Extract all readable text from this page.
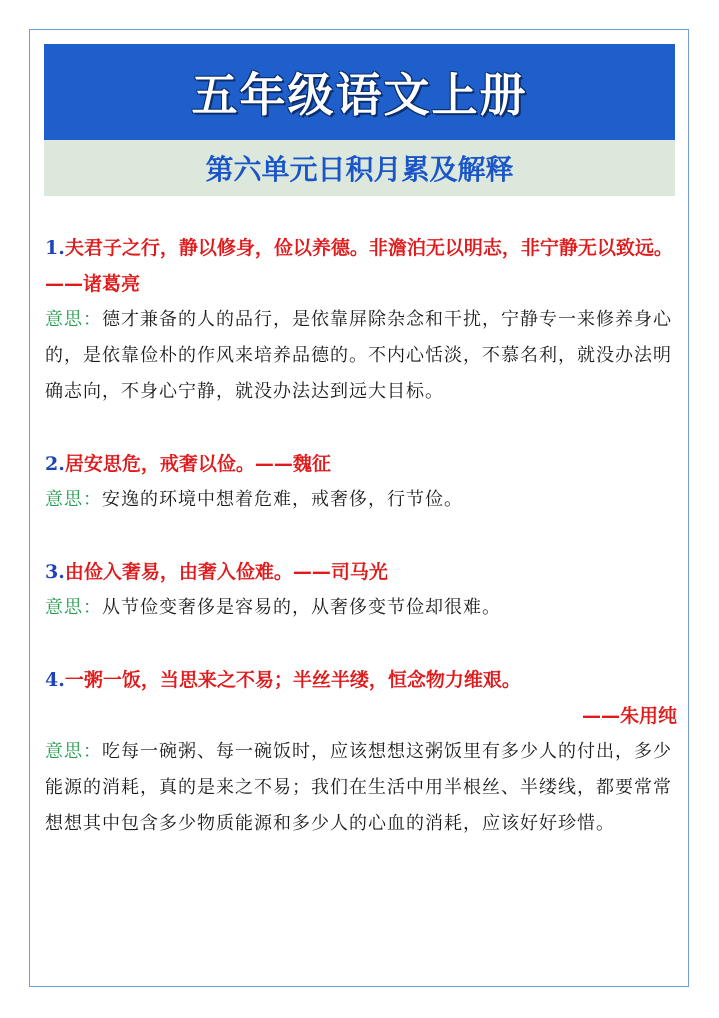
五年级语文上册
第六单元日积月累及解释
1.夫君子之行，静以修身，俭以养德。非澹泊无以明志，非宁静无以致远。——诸葛亮
意思：德才兼备的人的品行，是依靠屏除杂念和干扰，宁静专一来修养身心的，是依靠俭朴的作风来培养品德的。不内心恬淡，不慕名利，就没办法明确志向，不身心宁静，就没办法达到远大目标。
2.居安思危，戒奢以俭。——魏征
意思：安逸的环境中想着危难，戒奢侈，行节俭。
3.由俭入奢易，由奢入俭难。——司马光
意思：从节俭变奢侈是容易的，从奢侈变节俭却很难。
4.一粥一饭，当思来之不易；半丝半缕，恒念物力维艰。
——朱用纯
意思：吃每一碗粥、每一碗饭时，应该想想这粥饭里有多少人的付出，多少能源的消耗，真的是来之不易；我们在生活中用半根丝、半缕线，都要常常想想其中包含多少物质能源和多少人的心血的消耗，应该好好珍惜。
